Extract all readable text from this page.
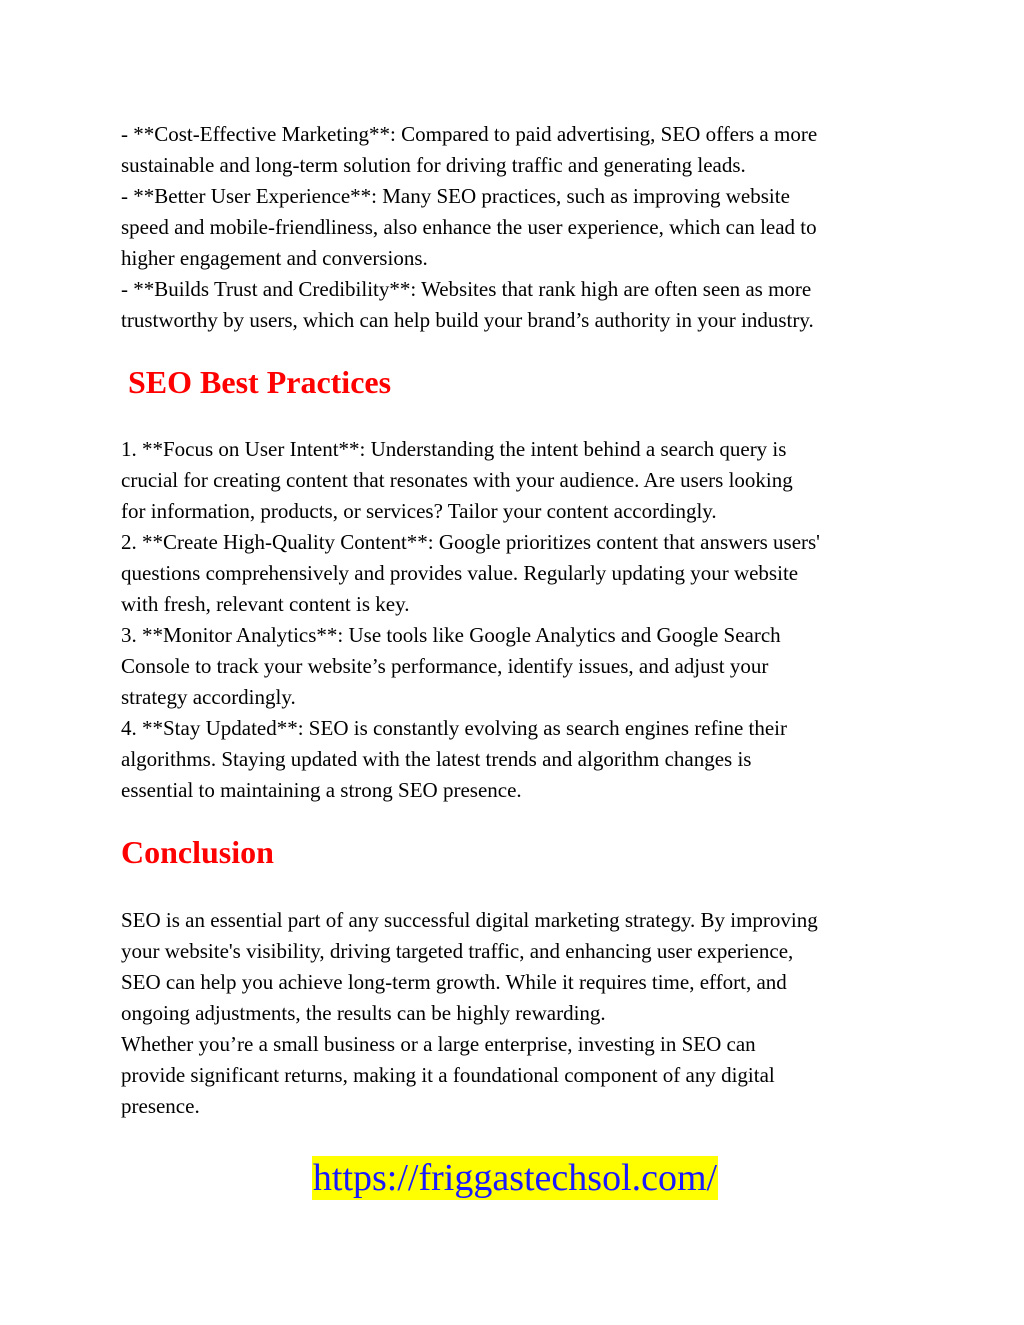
- **Cost-Effective Marketing**: Compared to paid advertising, SEO offers a more
sustainable and long-term solution for driving traffic and generating leads.
- **Better User Experience**: Many SEO practices, such as improving website
speed and mobile-friendliness, also enhance the user experience, which can lead to
higher engagement and conversions.
- **Builds Trust and Credibility**: Websites that rank high are often seen as more
trustworthy by users, which can help build your brand’s authority in your industry.

SEO Best Practices

1. **Focus on User Intent**: Understanding the intent behind a search query is
crucial for creating content that resonates with your audience. Are users looking
for information, products, or services? Tailor your content accordingly.
2. **Create High-Quality Content**: Google prioritizes content that answers users'
questions comprehensively and provides value. Regularly updating your website
with fresh, relevant content is key.
3. **Monitor Analytics**: Use tools like Google Analytics and Google Search
Console to track your website’s performance, identify issues, and adjust your
strategy accordingly.
4. **Stay Updated**: SEO is constantly evolving as search engines refine their
algorithms. Staying updated with the latest trends and algorithm changes is
essential to maintaining a strong SEO presence.

Conclusion

SEO is an essential part of any successful digital marketing strategy. By improving
your website's visibility, driving targeted traffic, and enhancing user experience,
SEO can help you achieve long-term growth. While it requires time, effort, and
ongoing adjustments, the results can be highly rewarding.
Whether you’re a small business or a large enterprise, investing in SEO can
provide significant returns, making it a foundational component of any digital
presence.

https://friggastechsol.com/
